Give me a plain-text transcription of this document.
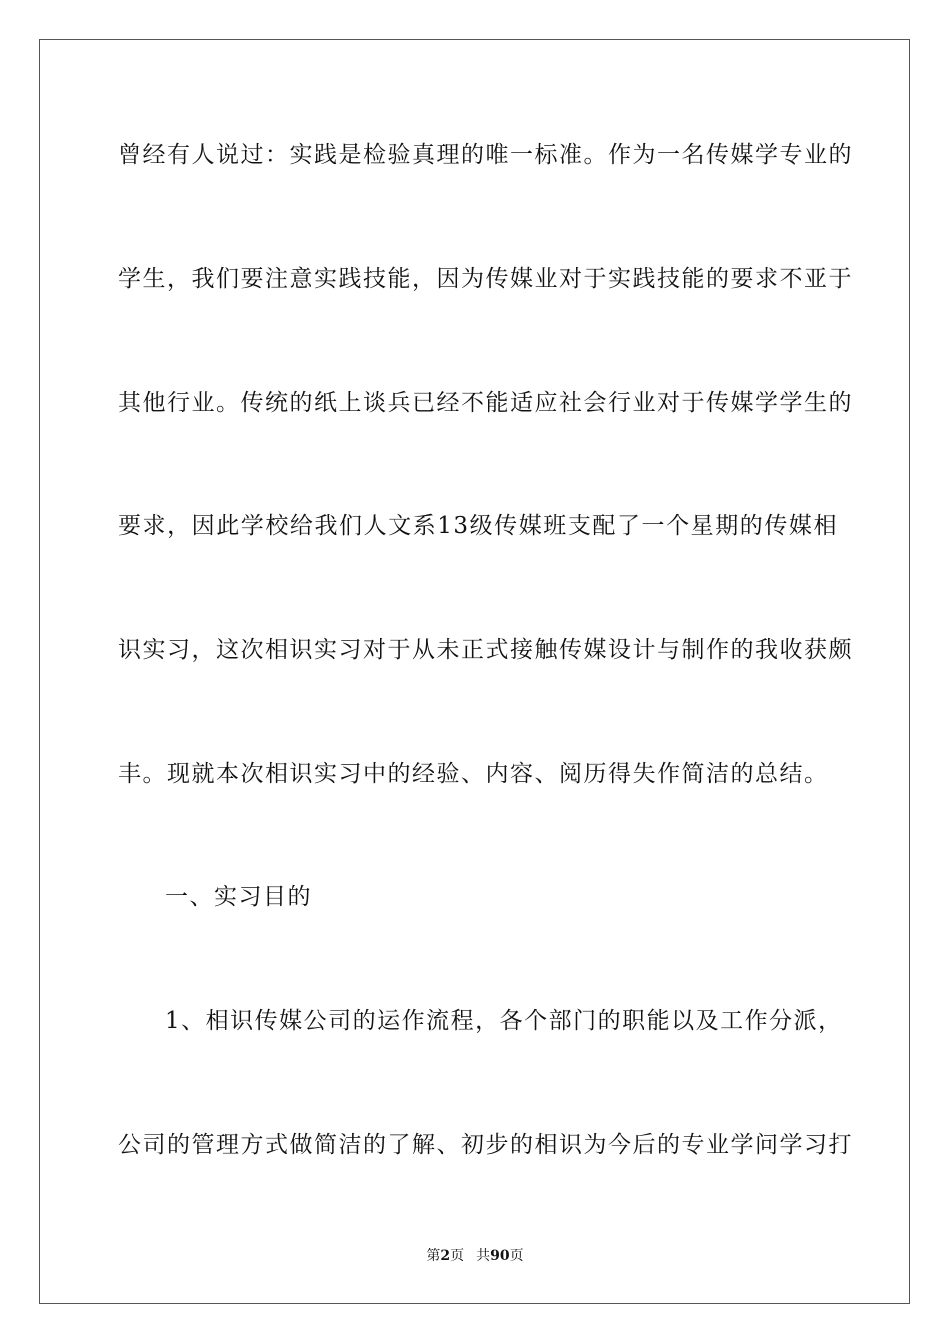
曾经有人说过：实践是检验真理的唯一标准。作为一名传媒学专业的
学生，我们要注意实践技能，因为传媒业对于实践技能的要求不亚于
其他行业。传统的纸上谈兵已经不能适应社会行业对于传媒学学生的
要求，因此学校给我们人文系13级传媒班支配了一个星期的传媒相
识实习，这次相识实习对于从未正式接触传媒设计与制作的我收获颇
丰。现就本次相识实习中的经验、内容、阅历得失作简洁的总结。
一、实习目的
1、相识传媒公司的运作流程，各个部门的职能以及工作分派，
公司的管理方式做简洁的了解、初步的相识为今后的专业学问学习打
第2页 共90页
